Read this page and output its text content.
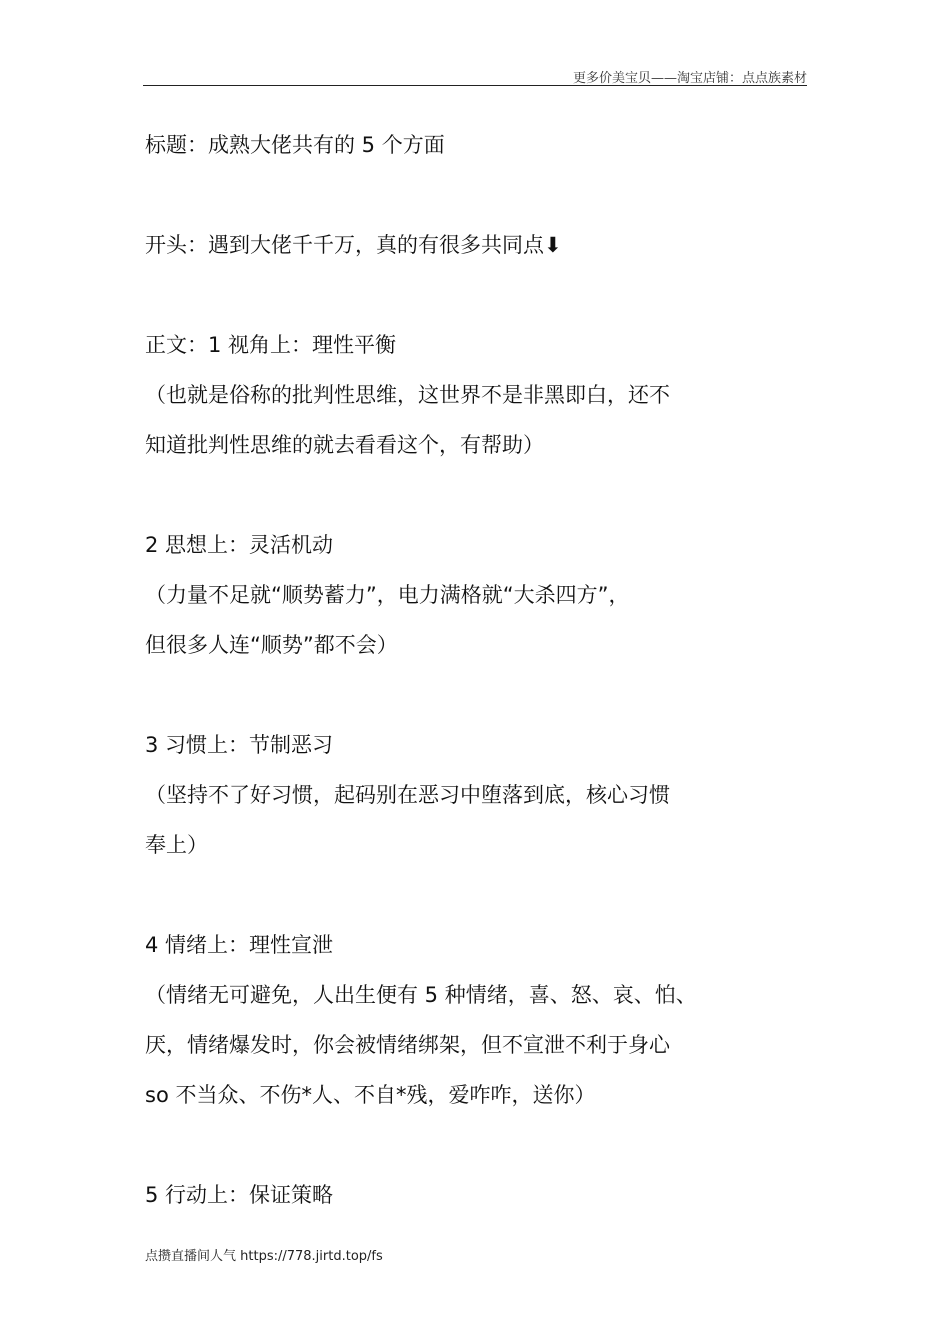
更多价美宝贝——淘宝店铺：点点族素材
标题：成熟大佬共有的 5 个方面
开头：遇到大佬千千万，真的有很多共同点⬇
正文：1 视角上：理性平衡
（也就是俗称的批判性思维，这世界不是非黑即白，还不
知道批判性思维的就去看看这个，有帮助）
2 思想上：灵活机动
（力量不足就“顺势蓄力”，电力满格就“大杀四方”，
但很多人连“顺势”都不会）
3 习惯上：节制恶习
（坚持不了好习惯，起码别在恶习中堕落到底，核心习惯
奉上）
4 情绪上：理性宣泄
（情绪无可避免，人出生便有 5 种情绪，喜、怒、哀、怕、
厌，情绪爆发时，你会被情绪绑架，但不宣泄不利于身心
so 不当众、不伤*人、不自*残，爱咋咋，送你）
5 行动上：保证策略
点攒直播间人气 https://778.jirtd.top/fs
